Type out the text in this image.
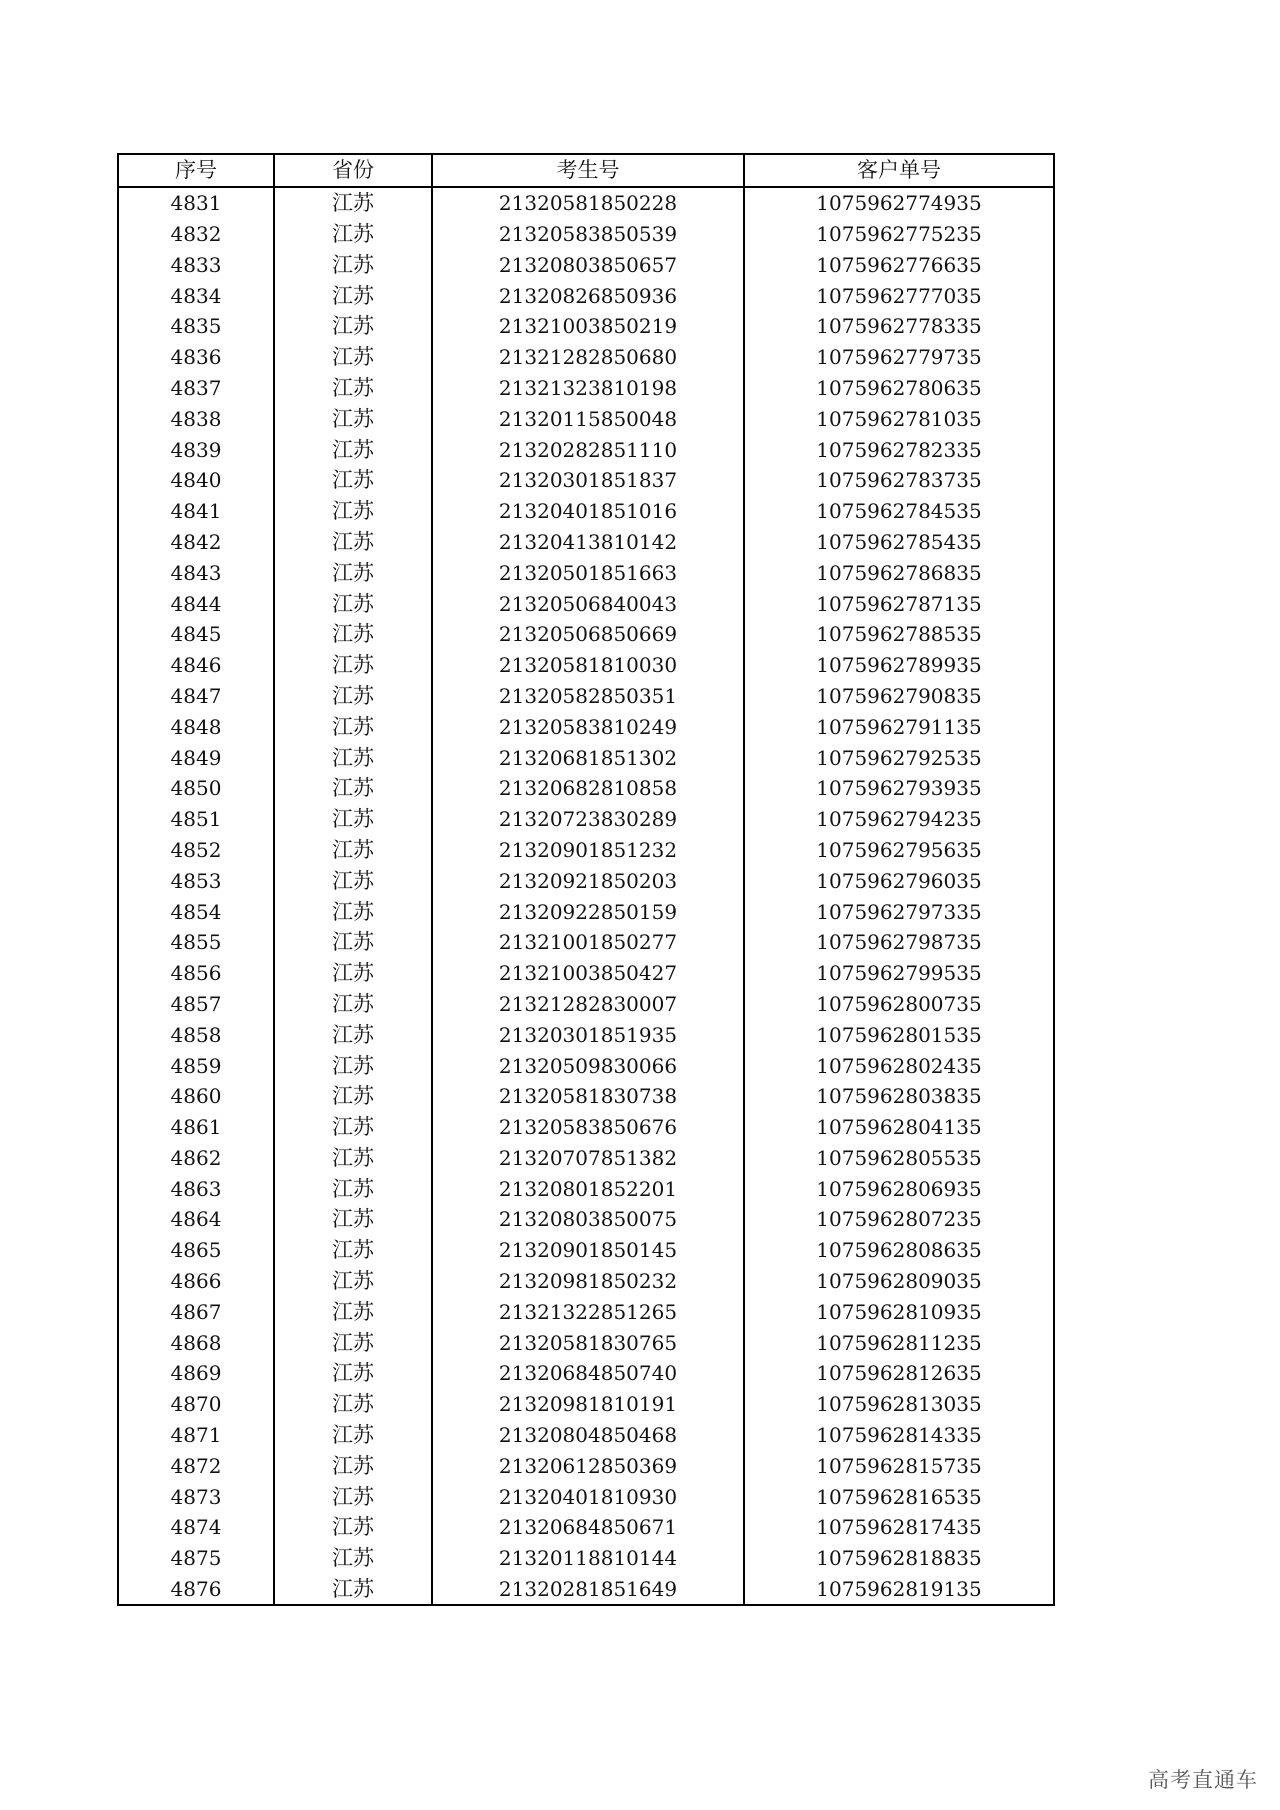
序号	省份	考生号	客户单号
4831	江苏	21320581850228	1075962774935
4832	江苏	21320583850539	1075962775235
4833	江苏	21320803850657	1075962776635
4834	江苏	21320826850936	1075962777035
4835	江苏	21321003850219	1075962778335
4836	江苏	21321282850680	1075962779735
4837	江苏	21321323810198	1075962780635
4838	江苏	21320115850048	1075962781035
4839	江苏	21320282851110	1075962782335
4840	江苏	21320301851837	1075962783735
4841	江苏	21320401851016	1075962784535
4842	江苏	21320413810142	1075962785435
4843	江苏	21320501851663	1075962786835
4844	江苏	21320506840043	1075962787135
4845	江苏	21320506850669	1075962788535
4846	江苏	21320581810030	1075962789935
4847	江苏	21320582850351	1075962790835
4848	江苏	21320583810249	1075962791135
4849	江苏	21320681851302	1075962792535
4850	江苏	21320682810858	1075962793935
4851	江苏	21320723830289	1075962794235
4852	江苏	21320901851232	1075962795635
4853	江苏	21320921850203	1075962796035
4854	江苏	21320922850159	1075962797335
4855	江苏	21321001850277	1075962798735
4856	江苏	21321003850427	1075962799535
4857	江苏	21321282830007	1075962800735
4858	江苏	21320301851935	1075962801535
4859	江苏	21320509830066	1075962802435
4860	江苏	21320581830738	1075962803835
4861	江苏	21320583850676	1075962804135
4862	江苏	21320707851382	1075962805535
4863	江苏	21320801852201	1075962806935
4864	江苏	21320803850075	1075962807235
4865	江苏	21320901850145	1075962808635
4866	江苏	21320981850232	1075962809035
4867	江苏	21321322851265	1075962810935
4868	江苏	21320581830765	1075962811235
4869	江苏	21320684850740	1075962812635
4870	江苏	21320981810191	1075962813035
4871	江苏	21320804850468	1075962814335
4872	江苏	21320612850369	1075962815735
4873	江苏	21320401810930	1075962816535
4874	江苏	21320684850671	1075962817435
4875	江苏	21320118810144	1075962818835
4876	江苏	21320281851649	1075962819135
高考直通车
